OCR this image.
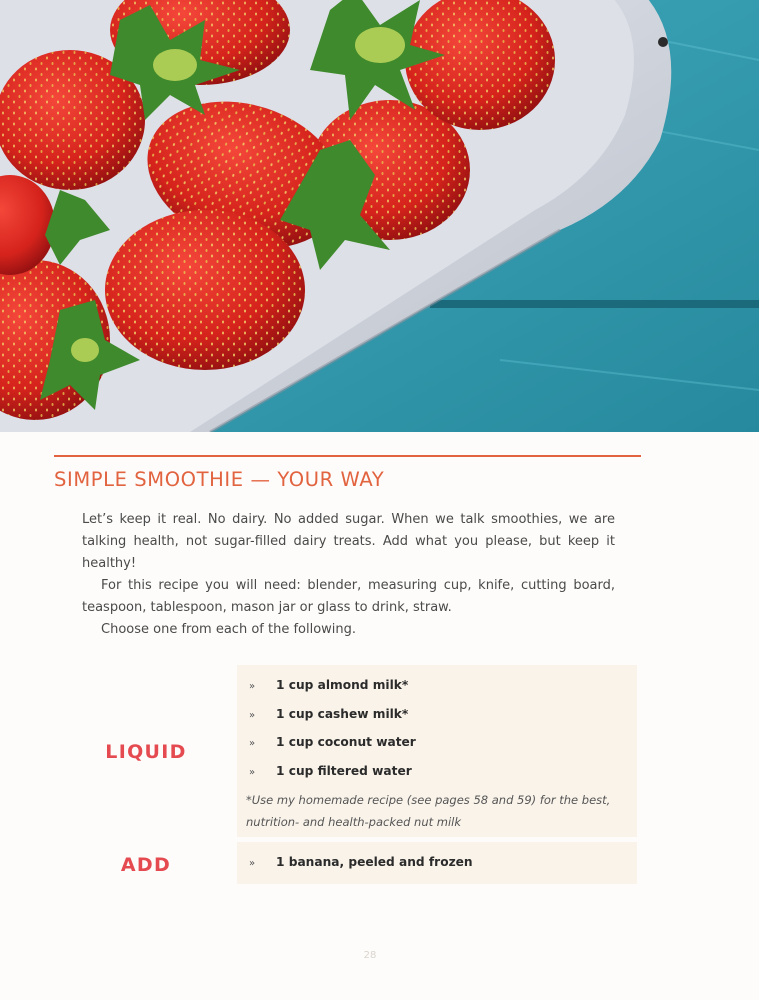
SIMPLE SMOOTHIE — YOUR WAY

Let’s keep it real. No dairy. No added sugar. When we talk smoothies, we are talking health, not sugar-filled dairy treats. Add what you please, but keep it healthy!

For this recipe you will need: blender, measuring cup, knife, cutting board, teaspoon, tablespoon, mason jar or glass to drink, straw.

Choose one from each of the following.

LIQUID
» 1 cup almond milk*
» 1 cup cashew milk*
» 1 cup coconut water
» 1 cup filtered water

*Use my homemade recipe (see pages 58 and 59) for the best, nutrition- and health-packed nut milk

ADD	» 1 banana, peeled and frozen
28
